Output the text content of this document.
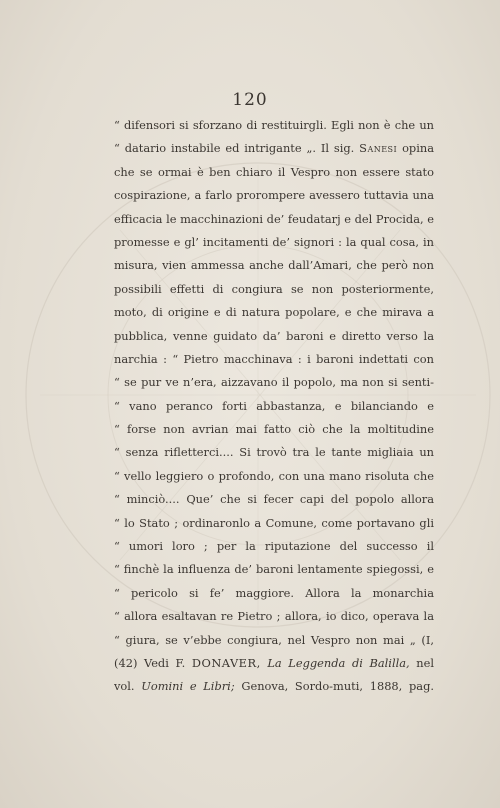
120
“ difensori si sforzano di restituirgli. Egli non è che un
“ datario instabile ed intrigante „. Il sig. Sanesi opina
che se ormai è ben chiaro il Vespro non essere stato
cospirazione, a farlo prorompere avessero tuttavia una
efficacia le macchinazioni de’ feudatarj e del Procida, e
promesse e gl’ incitamenti de’ signori : la qual cosa, in
misura, vien ammessa anche dall’Amari, che però non
possibili effetti di congiura se non posteriormente,
moto, di origine e di natura popolare, e che mirava a
pubblica, venne guidato da’ baroni e diretto verso la
narchia : “ Pietro macchinava : i baroni indettati con
“ se pur ve n’era, aizzavano il popolo, ma non si senti-
“ vano peranco forti abbastanza, e bilanciando e
“ forse non avrian mai fatto ciò che la moltitudine
“ senza rifletterci.... Si trovò tra le tante migliaia un
“ vello leggiero o profondo, con una mano risoluta che
“ minciò.... Que’ che si fecer capi del popolo allora
“ lo Stato ; ordinaronlo a Comune, come portavano gli
“ umori loro ; per la riputazione del successo il
“ finchè la influenza de’ baroni lentamente spiegossi, e
“ pericolo si fe’ maggiore. Allora la monarchia
“ allora esaltavan re Pietro ; allora, io dico, operava la
“ giura, se v’ebbe congiura, nel Vespro non mai „ (I,
(42) Vedi F. DONAVER, La Leggenda di Balilla, nel
vol. Uomini e Libri; Genova, Sordo-muti, 1888, pag.
